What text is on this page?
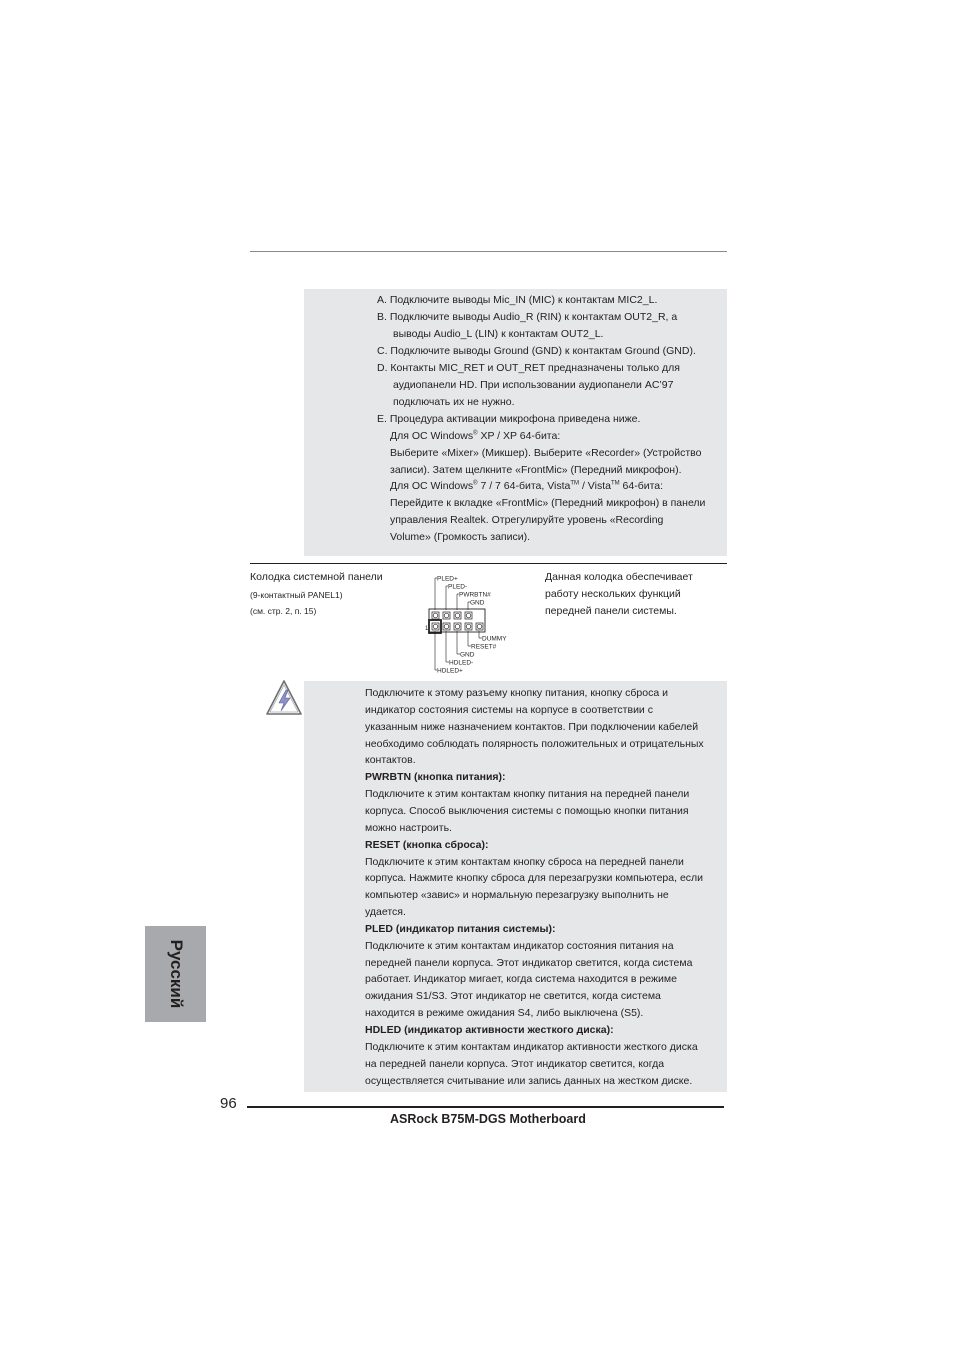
A. Подключите выводы Mic_IN (MIC) к контактам MIC2_L.
B. Подключите выводы Audio_R (RIN) к контактам OUT2_R, а
выводы Audio_L (LIN) к контактам OUT2_L.
C. Подключите выводы Ground (GND) к контактам Ground (GND).
D. Контакты MIC_RET и OUT_RET предназначены только для
аудиопанели HD. При использовании аудиопанели AC’97
подключать их не нужно.
E. Процедура активации микрофона приведена ниже.
Для ОС Windows® XP / XP 64-бита:
Выберите «Mixer» (Микшер). Выберите «Recorder» (Устройство
записи). Затем щелкните «FrontMic» (Передний микрофон).
Для ОС Windows® 7 / 7 64-бита, Vista™ / Vista™ 64-бита:
Перейдите к вкладке «FrontMic» (Передний микрофон) в панели
управления Realtek. Отрегулируйте уровень «Recording
Volume» (Громкость записи).
Колодка системной панели
(9-контактный PANEL1)
(см. стр. 2, п. 15)
Данная колодка обеспечивает
работу нескольких функций
передней панели системы.
PLED+
PLED-
PWRBTN#
GND
DUMMY
RESET#
GND
HDLED-
HDLED+
1
Подключите к этому разъему кнопку питания, кнопку сброса и
индикатор состояния системы на корпусе в соответствии с
указанным ниже назначением контактов. При подключении кабелей
необходимо соблюдать полярность положительных и отрицательных
контактов.
PWRBTN (кнопка питания):
Подключите к этим контактам кнопку питания на передней панели
корпуса. Способ выключения системы с помощью кнопки питания
можно настроить.
RESET (кнопка сброса):
Подключите к этим контактам кнопку сброса на передней панели
корпуса. Нажмите кнопку сброса для перезагрузки компьютера, если
компьютер «завис» и нормальную перезагрузку выполнить не
удается.
PLED (индикатор питания системы):
Подключите к этим контактам индикатор состояния питания на
передней панели корпуса. Этот индикатор светится, когда система
работает. Индикатор мигает, когда система находится в режиме
ожидания S1/S3. Этот индикатор не светится, когда система
находится в режиме ожидания S4, либо выключена (S5).
HDLED (индикатор активности жесткого диска):
Подключите к этим контактам индикатор активности жесткого диска
на передней панели корпуса. Этот индикатор светится, когда
осуществляется считывание или запись данных на жестком диске.
Русский
96
ASRock B75M-DGS Motherboard
